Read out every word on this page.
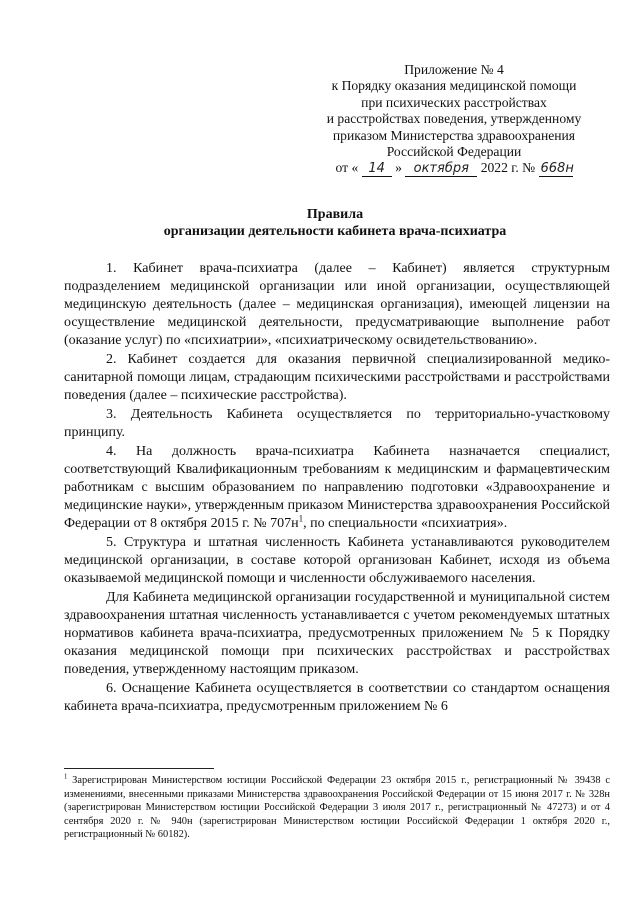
Приложение № 4
к Порядку оказания медицинской помощи
при психических расстройствах
и расстройствах поведения, утвержденному
приказом Министерства здравоохранения
Российской Федерации
от « 14 » октября 2022 г. № 668н
Правила
организации деятельности кабинета врача-психиатра

1. Кабинет врача-психиатра (далее – Кабинет) является структурным подразделением медицинской организации или иной организации, осуществляющей медицинскую деятельность (далее – медицинская организация), имеющей лицензии на осуществление медицинской деятельности, предусматривающие выполнение работ (оказание услуг) по «психиатрии», «психиатрическому освидетельствованию».

2. Кабинет создается для оказания первичной специализированной медико-санитарной помощи лицам, страдающим психическими расстройствами и расстройствами поведения (далее – психические расстройства).

3. Деятельность Кабинета осуществляется по территориально-участковому принципу.

4. На должность врача-психиатра Кабинета назначается специалист, соответствующий Квалификационным требованиям к медицинским и фармацевтическим работникам с высшим образованием по направлению подготовки «Здравоохранение и медицинские науки», утвержденным приказом Министерства здравоохранения Российской Федерации от 8 октября 2015 г. № $707н^1$, по специальности «психиатрия».

5. Структура и штатная численность Кабинета устанавливаются руководителем медицинской организации, в составе которой организован Кабинет, исходя из объема оказываемой медицинской помощи и численности обслуживаемого населения.

Для Кабинета медицинской организации государственной и муниципальной систем здравоохранения штатная численность устанавливается с учетом рекомендуемых штатных нормативов кабинета врача-психиатра, предусмотренных приложением № 5 к Порядку оказания медицинской помощи при психических расстройствах и расстройствах поведения, утвержденному настоящим приказом.

6. Оснащение Кабинета осуществляется в соответствии со стандартом оснащения кабинета врача-психиатра, предусмотренным приложением № 6

$^1$ Зарегистрирован Министерством юстиции Российской Федерации 23 октября 2015 г., регистрационный № 39438 с изменениями, внесенными приказами Министерства здравоохранения Российской Федерации от 15 июня 2017 г. № 328н (зарегистрирован Министерством юстиции Российской Федерации 3 июля 2017 г., регистрационный № 47273) и от 4 сентября 2020 г. № 940н (зарегистрирован Министерством юстиции Российской Федерации 1 октября 2020 г., регистрационный № 60182).
